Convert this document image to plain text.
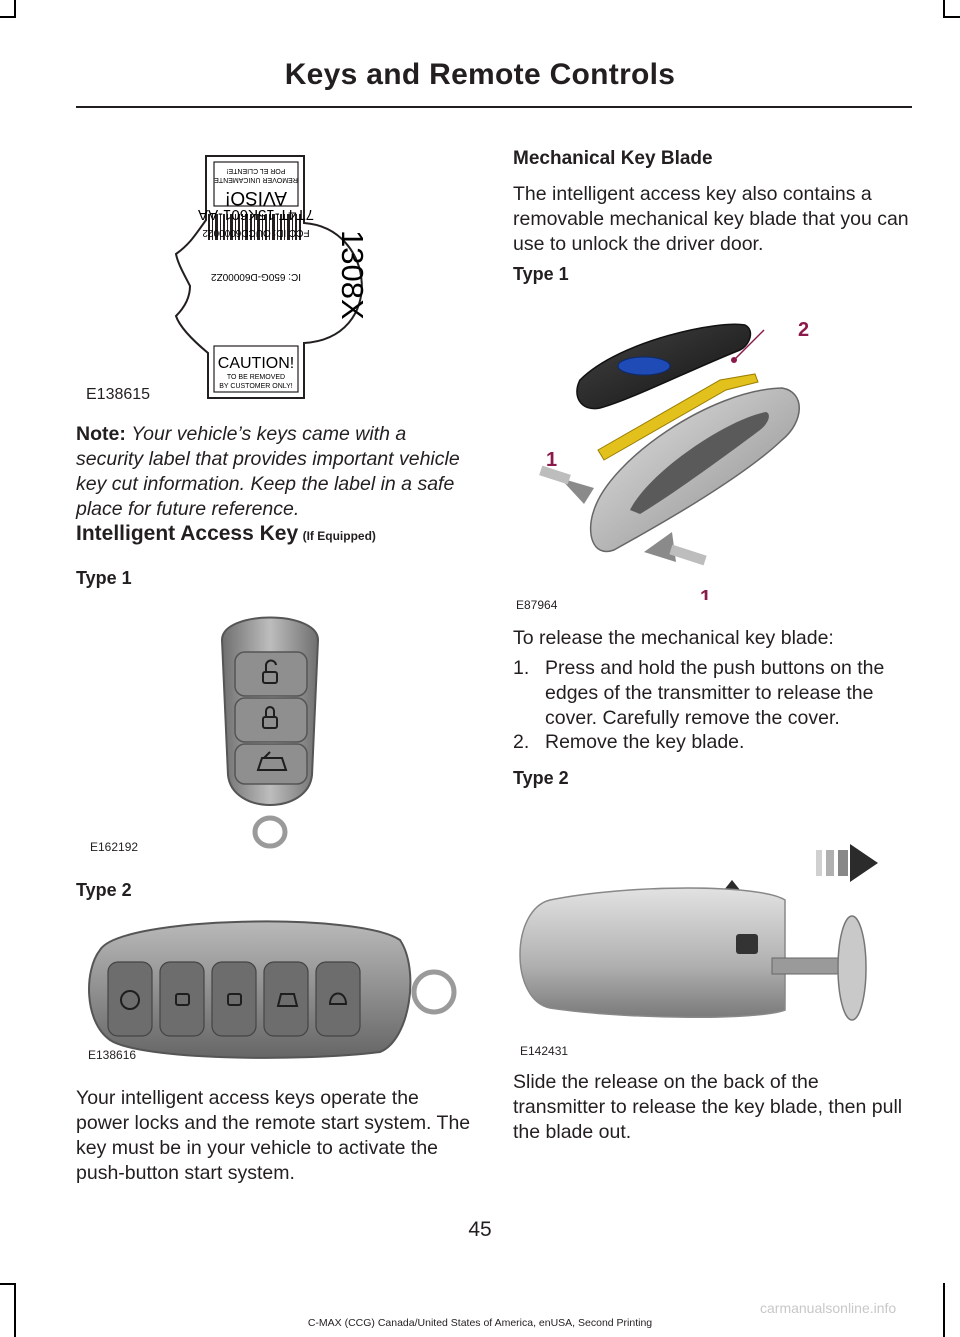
Keys and Remote Controls
AVISO!
REMOVER UNICAMENTE
POR EL CLIENTE!
IC: 650G-D60000Z2
FCC ID: OUCD6000022
7T4T-15K601-AA
1308X
CAUTION!
TO BE REMOVED
BY CUSTOMER ONLY!
E138615
Note: Your vehicle’s keys came with a security label that provides important vehicle key cut information. Keep the label in a safe place for future reference.
Intelligent Access Key (If Equipped)
Type 1
E162192
Type 2
E138616
Your intelligent access keys operate the power locks and the remote start system. The key must be in your vehicle to activate the push-button start system.
Mechanical Key Blade
The intelligent access key also contains a removable mechanical key blade that you can use to unlock the driver door.
Type 1
2
1
1
E87964
To release the mechanical key blade:
1. Press and hold the push buttons on the edges of the transmitter to release the cover. Carefully remove the cover.
2. Remove the key blade.
Type 2
E142431
Slide the release on the back of the transmitter to release the key blade, then pull the blade out.
45
C-MAX (CCG) Canada/United States of America, enUSA, Second Printing
carmanualsonline.info
